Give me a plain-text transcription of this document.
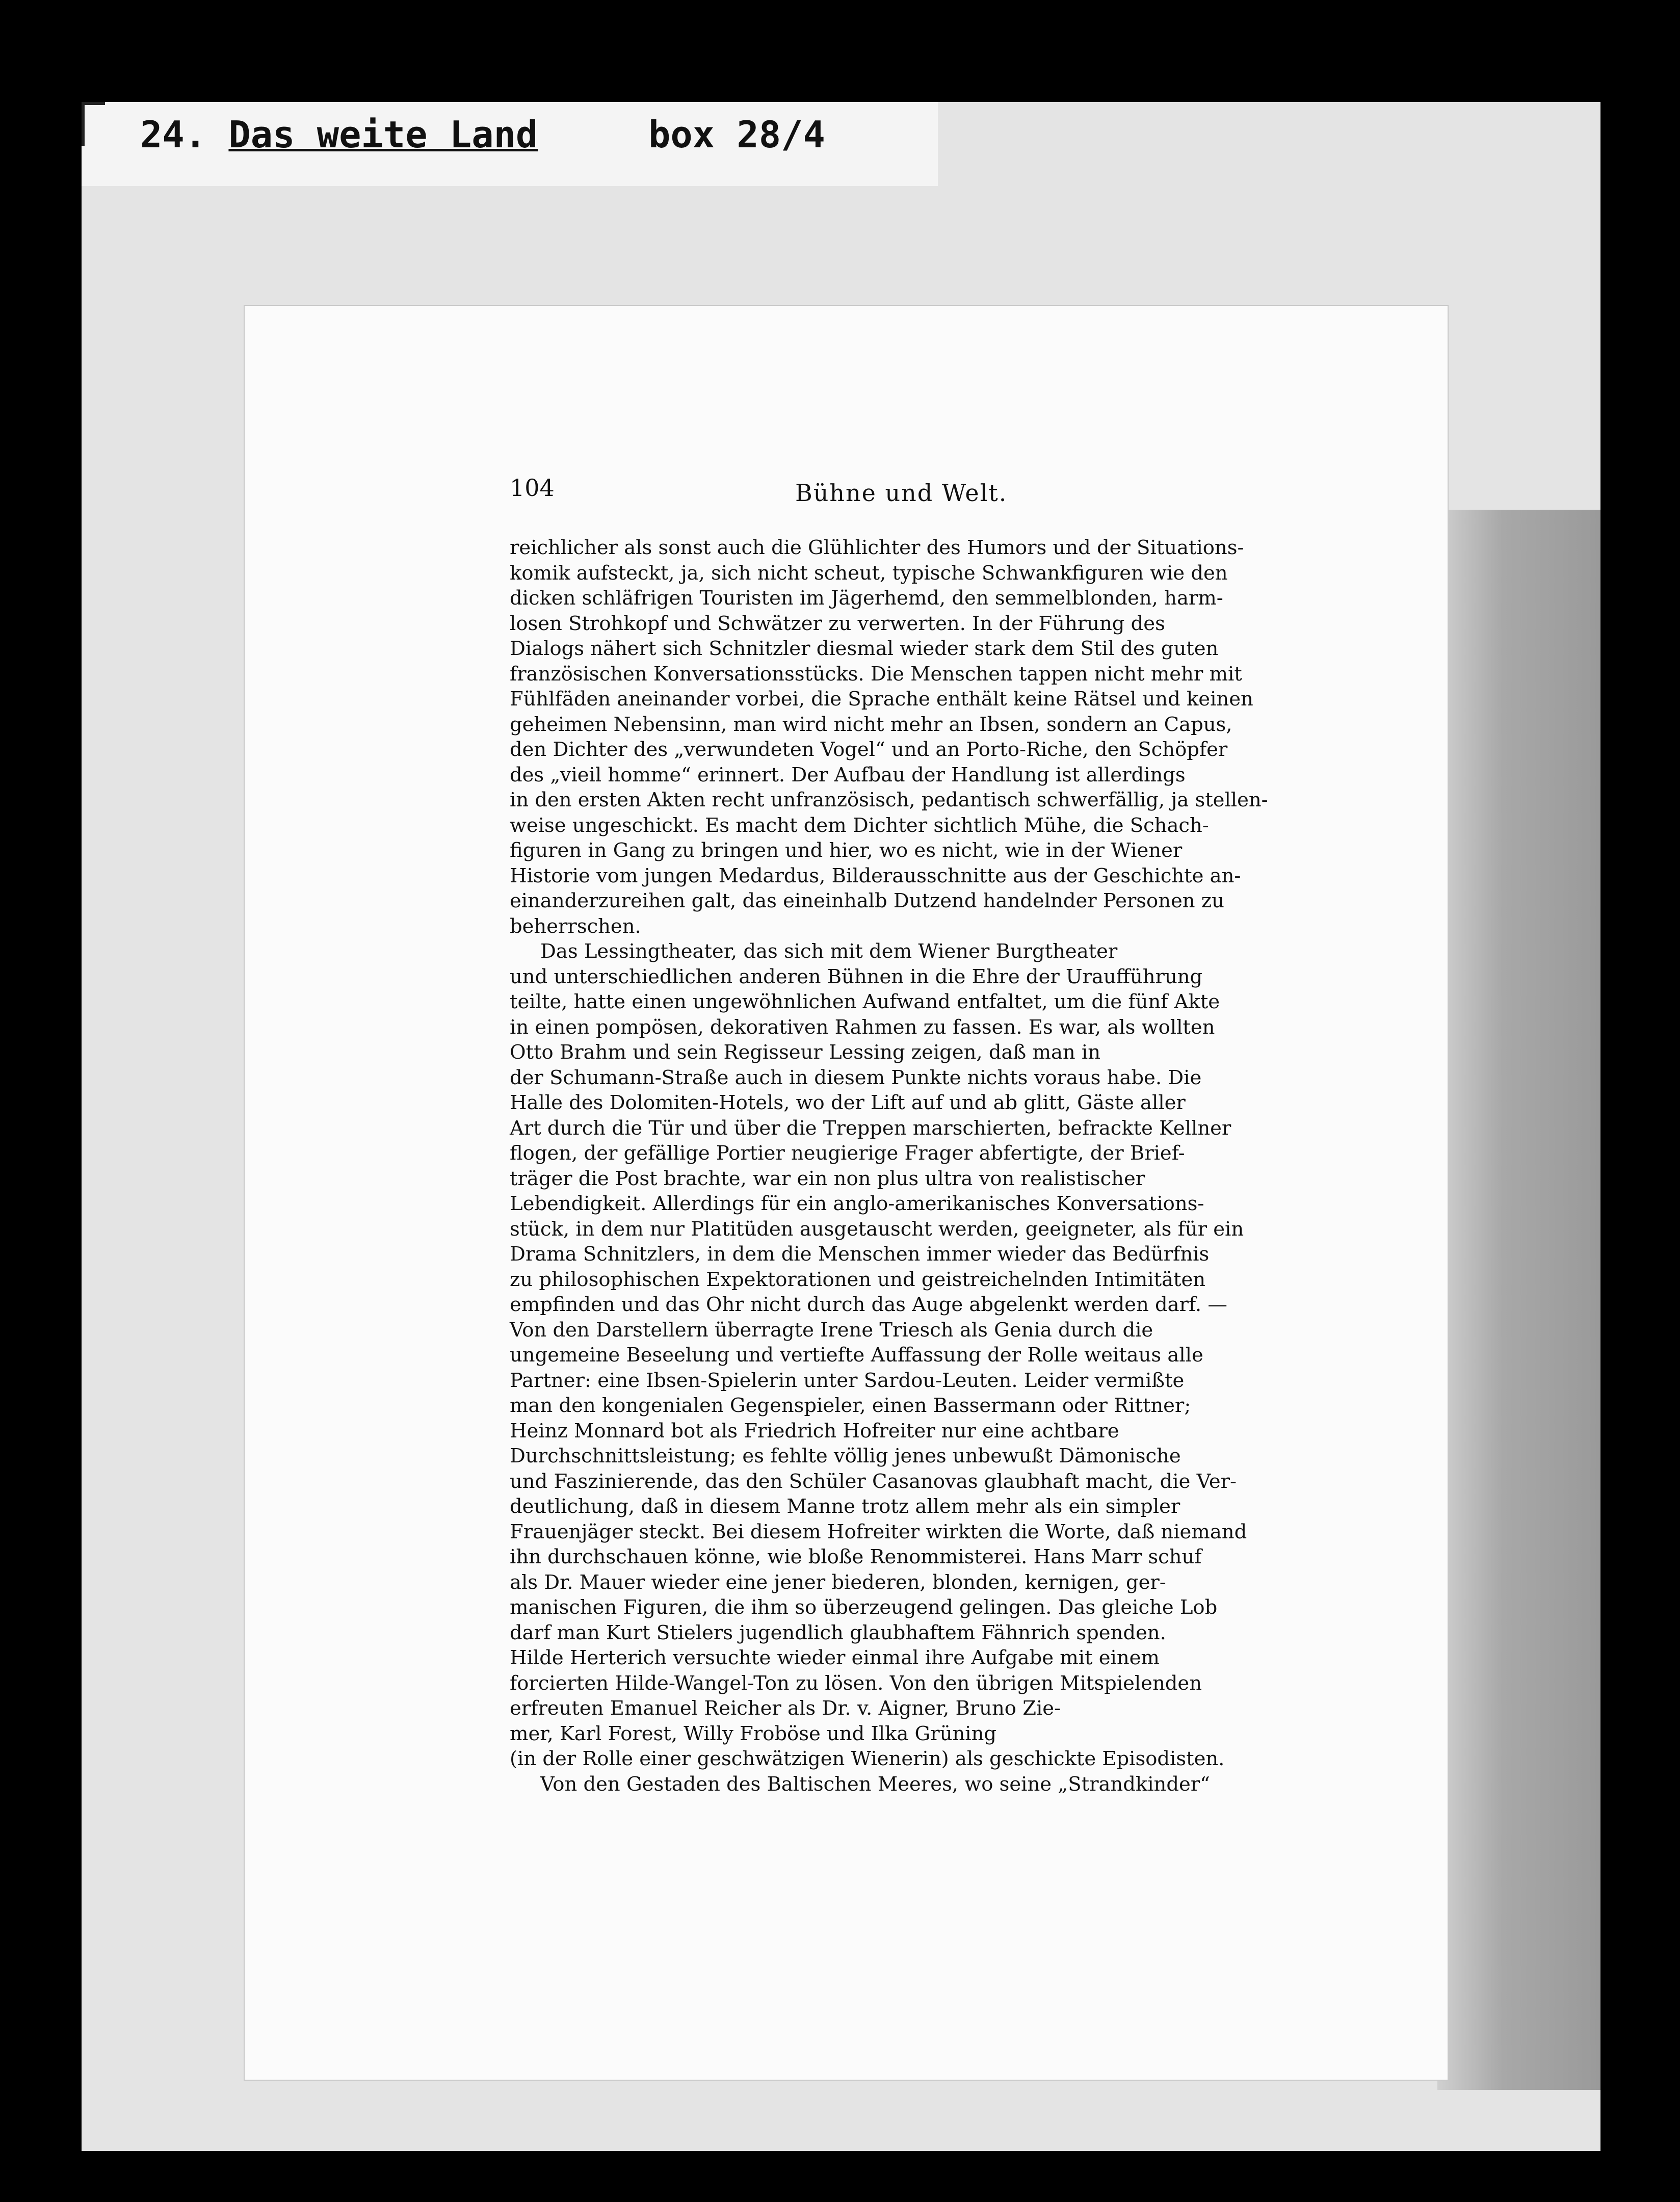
24. Das weite Land	box 28/4
104	Bühne und Welt.

reichlicher als sonst auch die Glühlichter des Humors und der Situations-
komik aufsteckt, ja, sich nicht scheut, typische Schwankfiguren wie den
dicken schläfrigen Touristen im Jägerhemd, den semmelblonden, harm-
losen Strohkopf und Schwätzer zu verwerten. In der Führung des
Dialogs nähert sich Schnitzler diesmal wieder stark dem Stil des guten
französischen Konversationsstücks. Die Menschen tappen nicht mehr mit
Fühlfäden aneinander vorbei, die Sprache enthält keine Rätsel und keinen
geheimen Nebensinn, man wird nicht mehr an Ibsen, sondern an Capus,
den Dichter des „verwundeten Vogel“ und an Porto-Riche, den Schöpfer
des „vieil homme“ erinnert. Der Aufbau der Handlung ist allerdings
in den ersten Akten recht unfranzösisch, pedantisch schwerfällig, ja stellen-
weise ungeschickt. Es macht dem Dichter sichtlich Mühe, die Schach-
figuren in Gang zu bringen und hier, wo es nicht, wie in der Wiener
Historie vom jungen Medardus, Bilderausschnitte aus der Geschichte an-
einanderzureihen galt, das eineinhalb Dutzend handelnder Personen zu
beherrschen.

Das Lessingtheater, das sich mit dem Wiener Burgtheater
und unterschiedlichen anderen Bühnen in die Ehre der Uraufführung
teilte, hatte einen ungewöhnlichen Aufwand entfaltet, um die fünf Akte
in einen pompösen, dekorativen Rahmen zu fassen. Es war, als wollten
Otto Brahm und sein Regisseur Lessing zeigen, daß man in
der Schumann-Straße auch in diesem Punkte nichts voraus habe. Die
Halle des Dolomiten-Hotels, wo der Lift auf und ab glitt, Gäste aller
Art durch die Tür und über die Treppen marschierten, befrackte Kellner
flogen, der gefällige Portier neugierige Frager abfertigte, der Brief-
träger die Post brachte, war ein non plus ultra von realistischer
Lebendigkeit. Allerdings für ein anglo-amerikanisches Konversations-
stück, in dem nur Platitüden ausgetauscht werden, geeigneter, als für ein
Drama Schnitzlers, in dem die Menschen immer wieder das Bedürfnis
zu philosophischen Expektorationen und geistreichelnden Intimitäten
empfinden und das Ohr nicht durch das Auge abgelenkt werden darf. —
Von den Darstellern überragte Irene Triesch als Genia durch die
ungemeine Beseelung und vertiefte Auffassung der Rolle weitaus alle
Partner: eine Ibsen-Spielerin unter Sardou-Leuten. Leider vermißte
man den kongenialen Gegenspieler, einen Bassermann oder Rittner;
Heinz Monnard bot als Friedrich Hofreiter nur eine achtbare
Durchschnittsleistung; es fehlte völlig jenes unbewußt Dämonische
und Faszinierende, das den Schüler Casanovas glaubhaft macht, die Ver-
deutlichung, daß in diesem Manne trotz allem mehr als ein simpler
Frauenjäger steckt. Bei diesem Hofreiter wirkten die Worte, daß niemand
ihn durchschauen könne, wie bloße Renommisterei. Hans Marr schuf
als Dr. Mauer wieder eine jener biederen, blonden, kernigen, ger-
manischen Figuren, die ihm so überzeugend gelingen. Das gleiche Lob
darf man Kurt Stielers jugendlich glaubhaftem Fähnrich spenden.
Hilde Herterich versuchte wieder einmal ihre Aufgabe mit einem
forcierten Hilde-Wangel-Ton zu lösen. Von den übrigen Mitspielenden
erfreuten Emanuel Reicher als Dr. v. Aigner, Bruno Zie-
mer, Karl Forest, Willy Froböse und Ilka Grüning
(in der Rolle einer geschwätzigen Wienerin) als geschickte Episodisten.

Von den Gestaden des Baltischen Meeres, wo seine „Strandkinder“
